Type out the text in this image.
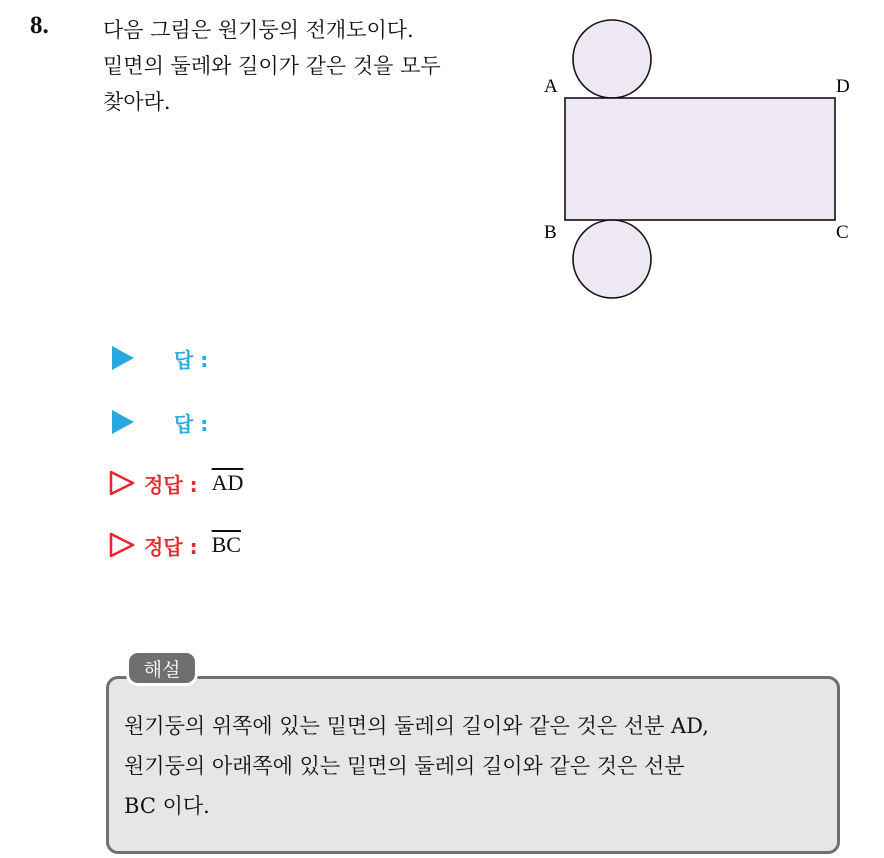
8.	다음 그림은 원기둥의 전개도이다.
밑면의 둘레와 길이가 같은 것을 모두
찾아라.
A	D
B	C
답 :
답 :
정답 : $\overline{AD}$
정답 : $\overline{BC}$
해설
원기둥의 위쪽에 있는 밑면의 둘레의 길이와 같은 것은 선분 AD,
원기둥의 아래쪽에 있는 밑면의 둘레의 길이와 같은 것은 선분
BC 이다.
